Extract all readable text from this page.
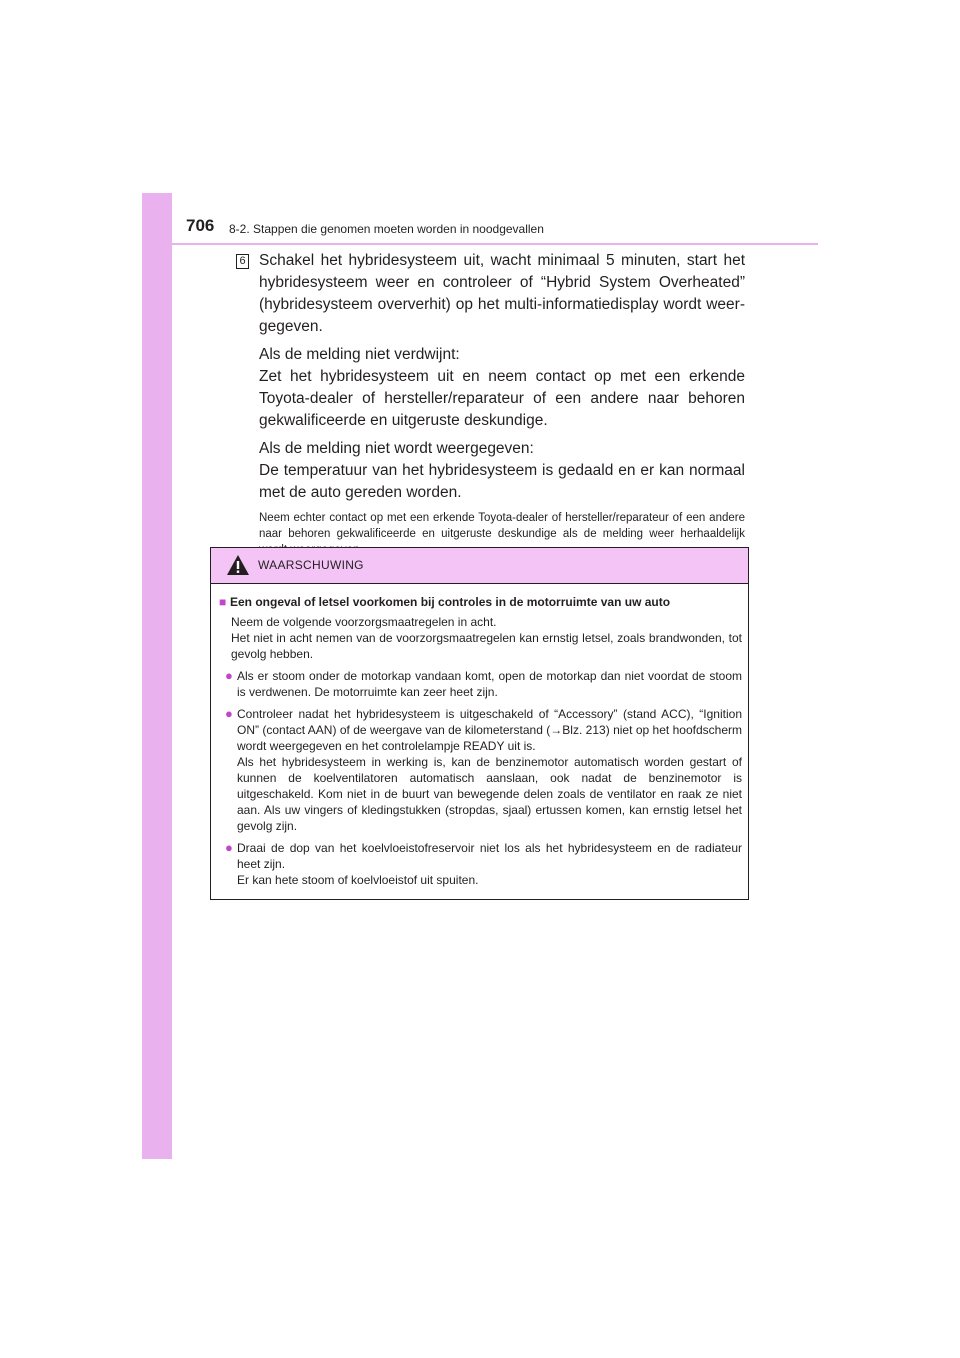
706 8-2. Stappen die genomen moeten worden in noodgevallen
6 Schakel het hybridesysteem uit, wacht minimaal 5 minuten, start het hybridesysteem weer en controleer of “Hybrid System Overheated” (hybridesysteem oververhit) op het multi-informatiedisplay wordt weer- gegeven.

Als de melding niet verdwijnt:
Zet het hybridesysteem uit en neem contact op met een erkende Toyota-dealer of hersteller/reparateur of een andere naar behoren gekwalificeerde en uitgeruste deskundige.

Als de melding niet wordt weergegeven:
De temperatuur van het hybridesysteem is gedaald en er kan normaal met de auto gereden worden.

Neem echter contact op met een erkende Toyota-dealer of hersteller/reparateur of een andere naar behoren gekwalificeerde en uitgeruste deskundige als de melding weer herhaaldelijk

WAARSCHUWING
■ Een ongeval of letsel voorkomen bij controles in de motorruimte van uw auto
Neem de volgende voorzorgsmaatregelen in acht.
Het niet in acht nemen van de voorzorgsmaatregelen kan ernstig letsel, zoals brandwonden, tot gevolg hebben.
● Als er stoom onder de motorkap vandaan komt, open de motorkap dan niet voordat de stoom is verdwenen. De motorruimte kan zeer heet zijn.
● Controleer nadat het hybridesysteem is uitgeschakeld of “Accessory” (stand ACC), “Ignition ON” (contact AAN) of de weergave van de kilometerstand (→Blz. 213) niet op het hoofdscherm wordt weergegeven en het controlelampje READY uit is.
Als het hybridesysteem in werking is, kan de benzinemotor automatisch worden gestart of kunnen de koelventilatoren automatisch aanslaan, ook nadat de benzinemotor is uitgeschakeld. Kom niet in de buurt van bewegende delen zoals de ventilator en raak ze niet aan. Als uw vingers of kledingstukken (stropdas, sjaal) ertussen komen, kan ernstig letsel het gevolg zijn.
● Draai de dop van het koelvloeistofreservoir niet los als het hybridesysteem en de radiateur heet zijn.
Er kan hete stoom of koelvloeistof uit spuiten.
